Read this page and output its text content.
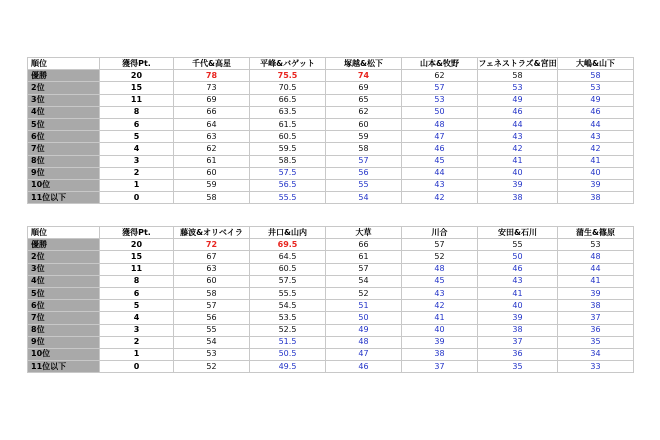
順位	獲得Pt.	千代&高星	平峰&バゲット	塚越&松下	山本&牧野	フェネストラズ&宮田	大嶋&山下
優勝	20	78	75.5	74	62	58	58
2位	15	73	70.5	69	57	53	53
3位	11	69	66.5	65	53	49	49
4位	8	66	63.5	62	50	46	46
5位	6	64	61.5	60	48	44	44
6位	5	63	60.5	59	47	43	43
7位	4	62	59.5	58	46	42	42
8位	3	61	58.5	57	45	41	41
9位	2	60	57.5	56	44	40	40
10位	1	59	56.5	55	43	39	39
11位以下	0	58	55.5	54	42	38	38
順位	獲得Pt.	藤波&オリベイラ	井口&山内	大草	川合	安田&石川	蒲生&篠原
優勝	20	72	69.5	66	57	55	53
2位	15	67	64.5	61	52	50	48
3位	11	63	60.5	57	48	46	44
4位	8	60	57.5	54	45	43	41
5位	6	58	55.5	52	43	41	39
6位	5	57	54.5	51	42	40	38
7位	4	56	53.5	50	41	39	37
8位	3	55	52.5	49	40	38	36
9位	2	54	51.5	48	39	37	35
10位	1	53	50.5	47	38	36	34
11位以下	0	52	49.5	46	37	35	33
